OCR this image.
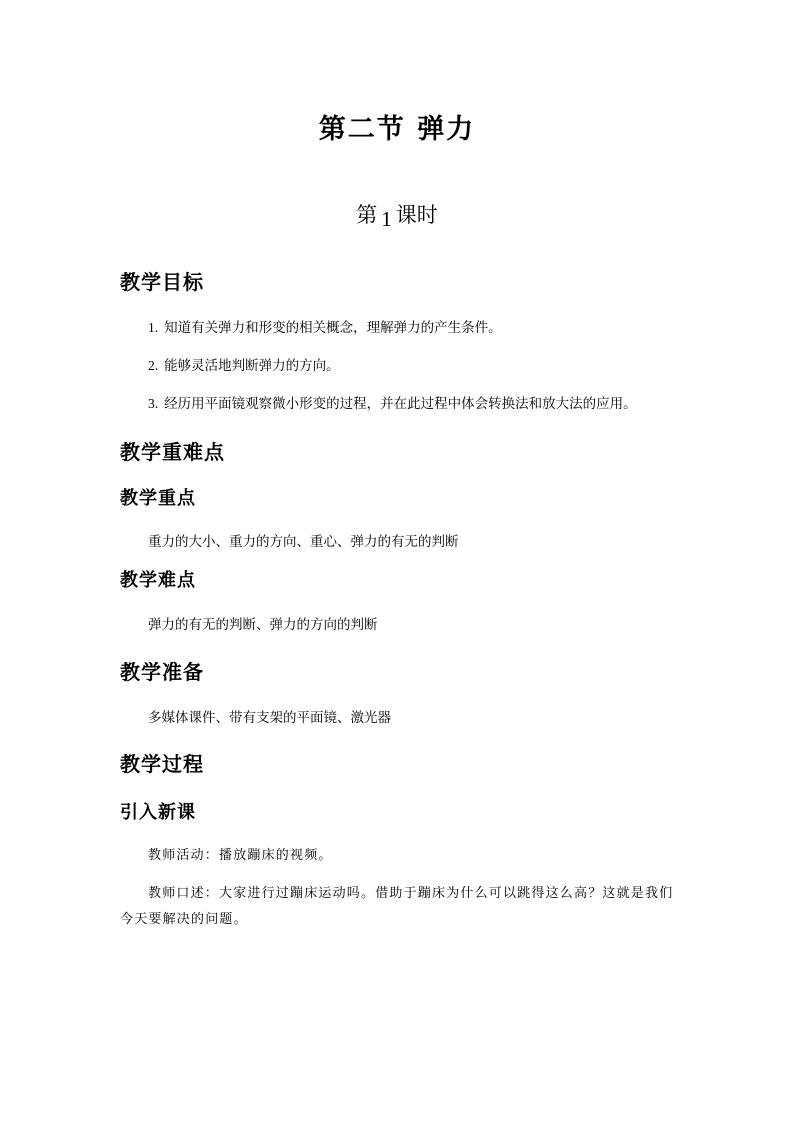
第二节 弹力
第 1 课时
教学目标
1. 知道有关弹力和形变的相关概念，理解弹力的产生条件。
2. 能够灵活地判断弹力的方向。
3. 经历用平面镜观察微小形变的过程，并在此过程中体会转换法和放大法的应用。
教学重难点
教学重点
重力的大小、重力的方向、重心、弹力的有无的判断
教学难点
弹力的有无的判断、弹力的方向的判断
教学准备
多媒体课件、带有支架的平面镜、激光器
教学过程
引入新课
教师活动：播放蹦床的视频。
教师口述：大家进行过蹦床运动吗。借助于蹦床为什么可以跳得这么高？这就是我们今天要解决的问题。
